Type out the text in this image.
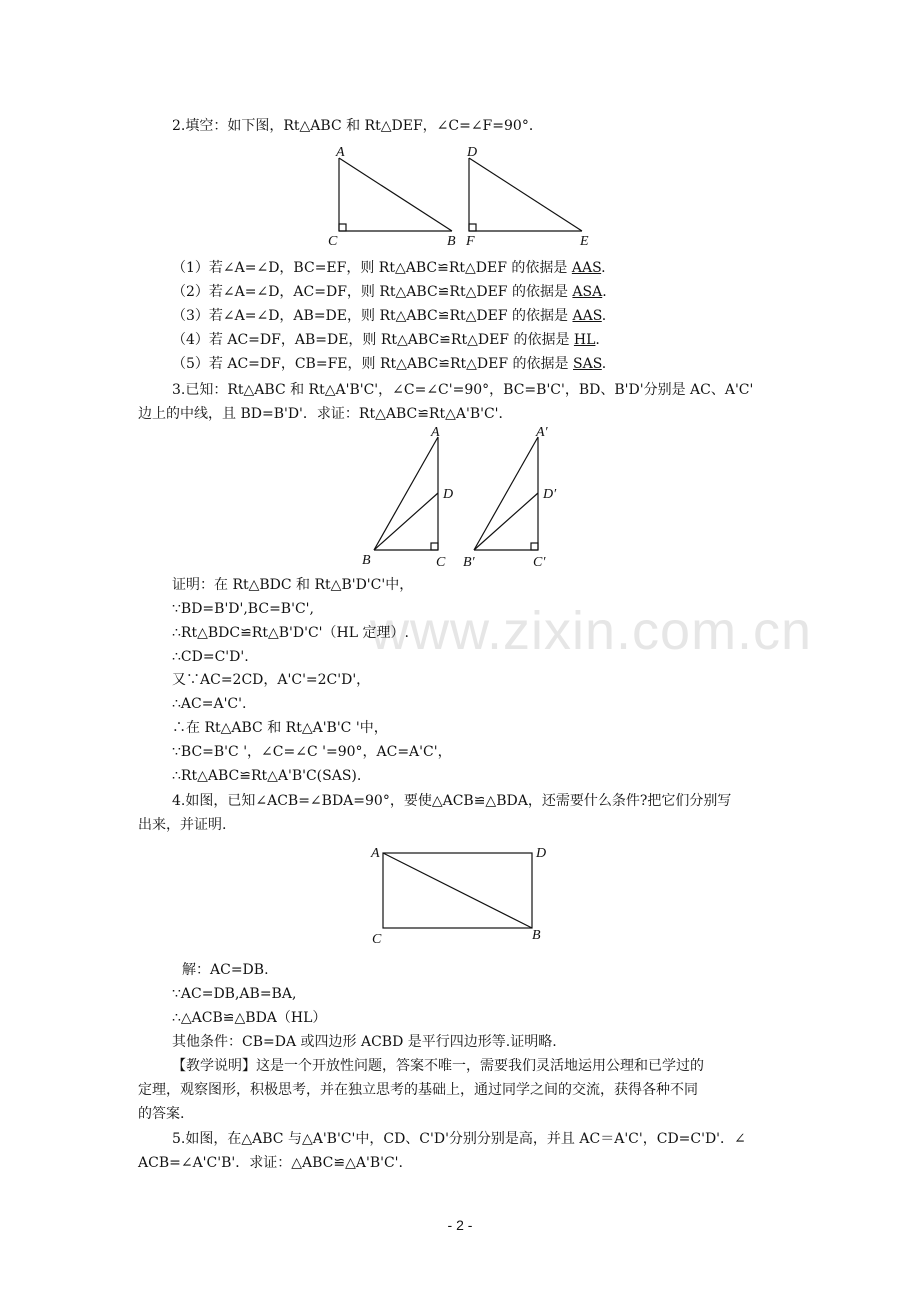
www.zixin.com.cn
2.填空：如下图，Rt△ABC 和 Rt△DEF，∠C=∠F=90°．
A
C	B
D
F	E
A
D
B	C
A′
D′
B′	C′
A	D
C	B
（1）若∠A=∠D，BC=EF，则 Rt△ABC≌Rt△DEF 的依据是 AAS.
（2）若∠A=∠D，AC=DF，则 Rt△ABC≌Rt△DEF 的依据是 ASA.
（3）若∠A=∠D，AB=DE，则 Rt△ABC≌Rt△DEF 的依据是 AAS.
（4）若 AC=DF，AB=DE，则 Rt△ABC≌Rt△DEF 的依据是 HL.
（5）若 AC=DF，CB=FE，则 Rt△ABC≌Rt△DEF 的依据是 SAS.
3.已知：Rt△ABC 和 Rt△A'B'C'，∠C=∠C'=90°，BC=B'C'，BD、B'D'分别是 AC、A'C'
边上的中线，且 BD=B'D'．求证：Rt△ABC≌Rt△A'B'C'．
证明：在 Rt△BDC 和 Rt△B'D'C'中，
∵BD=B'D',BC=B'C',
∴Rt△BDC≌Rt△B'D'C'（HL 定理）.
∴CD=C'D'.
又∵AC=2CD，A'C'=2C'D'，
∴AC=A'C'.
∴在 Rt△ABC 和 Rt△A'B'C '中，
∵BC=B'C '，∠C=∠C '=90°，AC=A'C'，
∴Rt△ABC≌Rt△A'B'C(SAS).
4.如图，已知∠ACB=∠BDA=90°，要使△ACB≌△BDA，还需要什么条件?把它们分别写
出来，并证明.
解：AC=DB.
∵AC=DB,AB=BA,
∴△ACB≌△BDA（HL）
其他条件：CB=DA 或四边形 ACBD 是平行四边形等.证明略.
【教学说明】这是一个开放性问题，答案不唯一，需要我们灵活地运用公理和已学过的
定理，观察图形，积极思考，并在独立思考的基础上，通过同学之间的交流，获得各种不同
的答案.
5.如图，在△ABC 与△A'B'C'中，CD、C'D'分别分别是高，并且 AC＝A'C'，CD=C'D'．∠
ACB=∠A'C'B'．求证：△ABC≌△A'B'C'.
- 2 -
